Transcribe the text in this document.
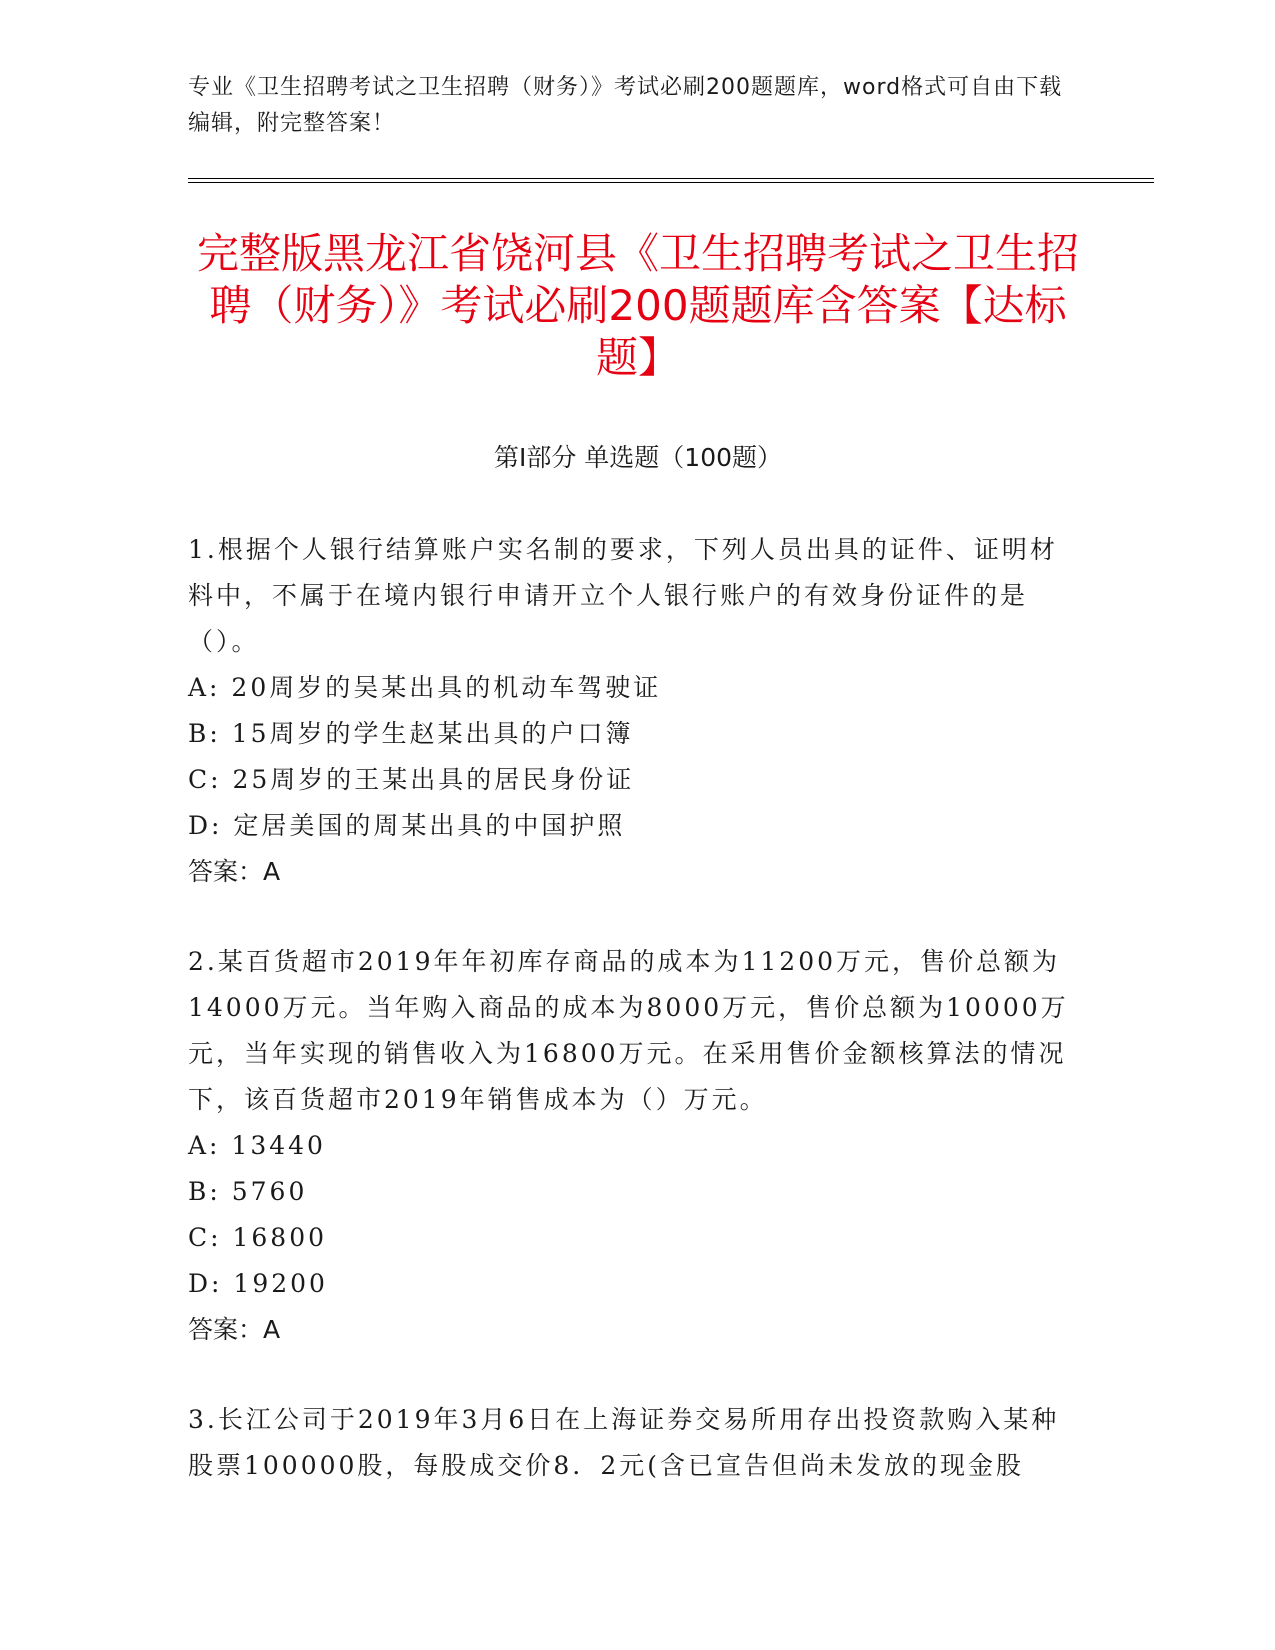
专业《卫生招聘考试之卫生招聘（财务）》考试必刷200题题库，word格式可自由下载编辑，附完整答案！
完整版黑龙江省饶河县《卫生招聘考试之卫生招聘（财务）》考试必刷200题题库含答案【达标题】
第Ⅰ部分 单选题（100题）

1.根据个人银行结算账户实名制的要求，下列人员出具的证件、证明材料中，不属于在境内银行申请开立个人银行账户的有效身份证件的是（）。

A: 20周岁的吴某出具的机动车驾驶证

B: 15周岁的学生赵某出具的户口簿

C: 25周岁的王某出具的居民身份证

D: 定居美国的周某出具的中国护照

答案：A

2.某百货超市2019年年初库存商品的成本为11200万元，售价总额为14000万元。当年购入商品的成本为8000万元，售价总额为10000万元，当年实现的销售收入为16800万元。在采用售价金额核算法的情况下，该百货超市2019年销售成本为（）万元。

A: 13440

B: 5760

C: 16800

D: 19200

答案：A

3.长江公司于2019年3月6日在上海证券交易所用存出投资款购入某种股票100000股，每股成交价8．2元(含已宣告但尚未发放的现金股
